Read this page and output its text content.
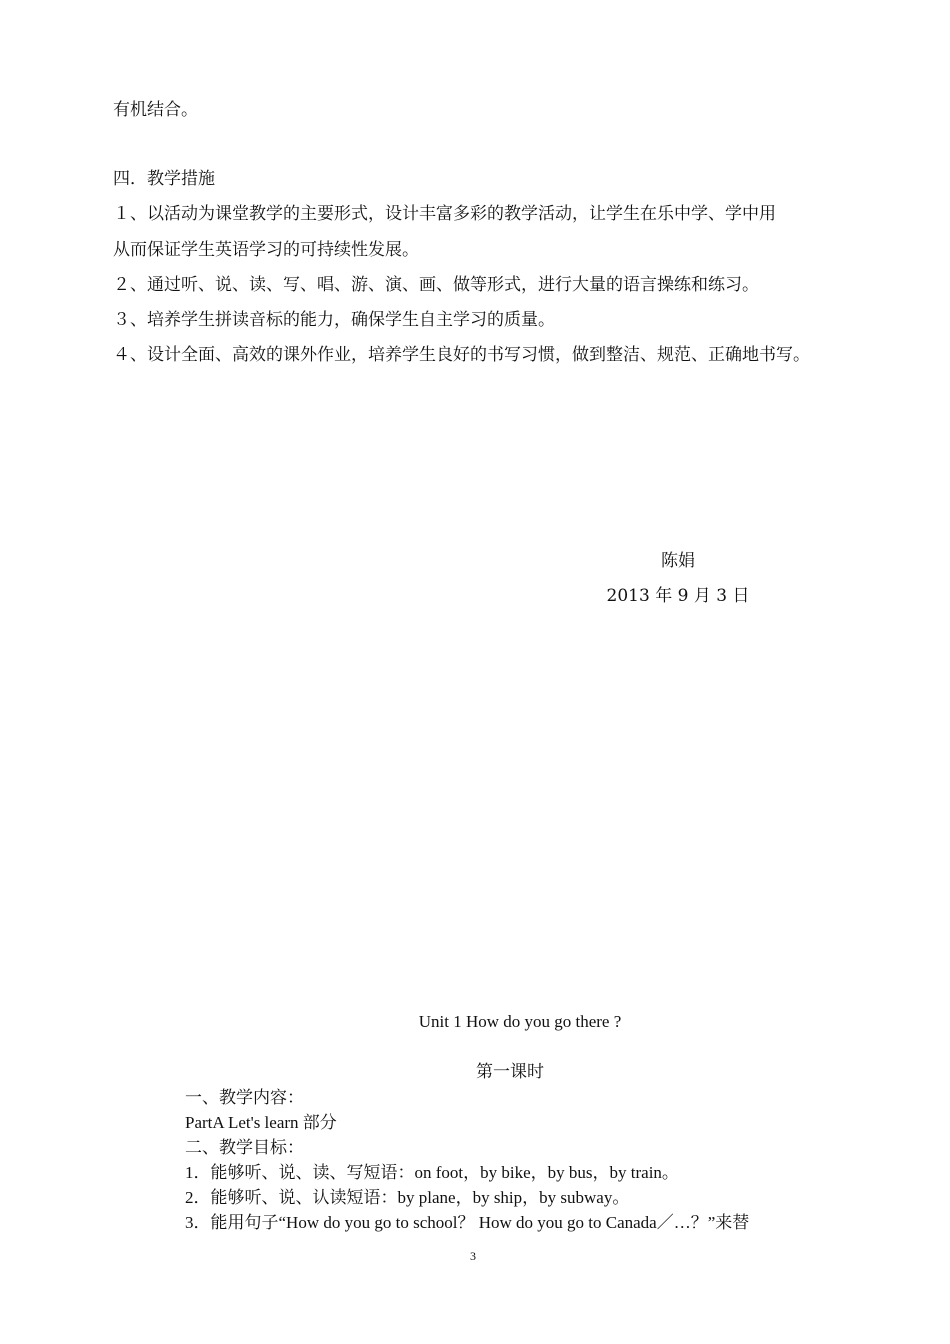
有机结合。
四．教学措施
１、以活动为课堂教学的主要形式，设计丰富多彩的教学活动，让学生在乐中学、学中用
从而保证学生英语学习的可持续性发展。
２、通过听、说、读、写、唱、游、演、画、做等形式，进行大量的语言操练和练习。
３、培养学生拼读音标的能力，确保学生自主学习的质量。
４、设计全面、高效的课外作业，培养学生良好的书写习惯，做到整洁、规范、正确地书写。
陈娟
2013 年 9 月 3 日
Unit 1 How do you go there ?
第一课时
一、教学内容：
PartA Let's learn 部分
二、教学目标：
1．能够听、说、读、写短语：on foot，by bike，by bus，by train。
2．能够听、说、认读短语：by plane，by ship，by subway。
3．能用句子“How do you go to school？ How do you go to Canada／…？”来替
3
